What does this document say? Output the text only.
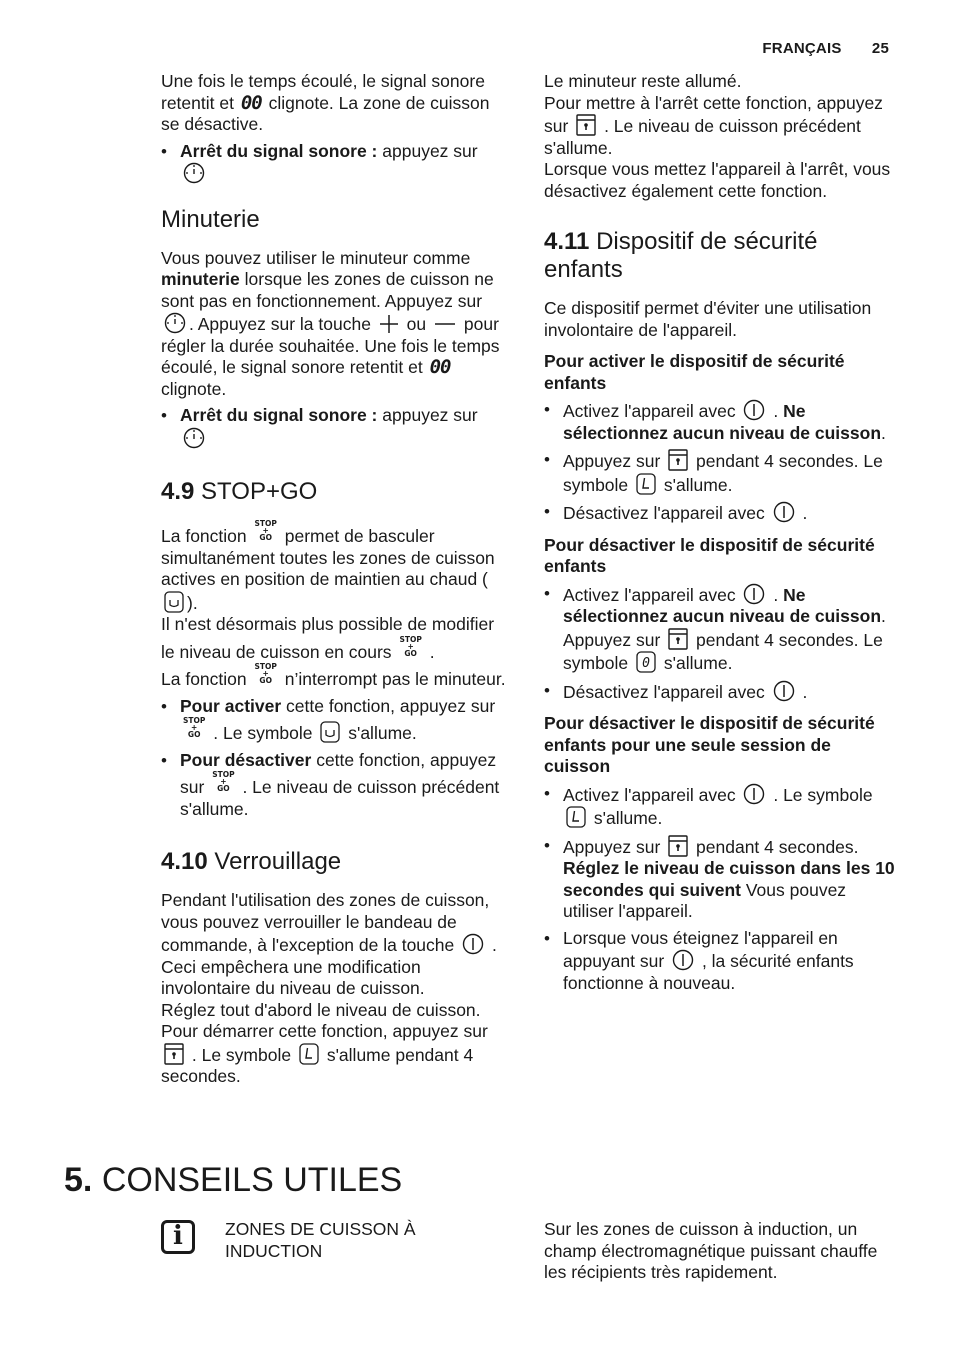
FRANÇAIS 25

Une fois le temps écoulé, le signal sonore retentit et 00 clignote. La zone de cuisson se désactive.

• Arrêt du signal sonore : appuyez sur

Minuterie

Vous pouvez utiliser le minuteur comme minuterie lorsque les zones de cuisson ne sont pas en fonctionnement. Appuyez sur
. Appuyez sur la touche ou pour régler la durée souhaitée. Une fois le temps écoulé, le signal sonore retentit et 00 clignote.

• Arrêt du signal sonore : appuyez sur

4.9 STOP+GO

La fonction STOP
+
GO permet de basculer simultanément toutes les zones de cuisson actives en position de maintien au chaud (
).

Il n'est désormais plus possible de modifier le niveau de cuisson en cours STOP
+
GO .

La fonction STOP
+
GO n’interrompt pas le minuteur.

• Pour activer cette fonction, appuyez sur STOP
+
GO . Le symbole s'allume.
• Pour désactiver cette fonction, appuyez sur STOP
+
GO . Le niveau de cuisson précédent s'allume.
4.10 Verrouillage

Pendant l'utilisation des zones de cuisson, vous pouvez verrouiller le bandeau de commande, à l'exception de la touche . Ceci empêchera une modification involontaire du niveau de cuisson.

Réglez tout d'abord le niveau de cuisson.

Pour démarrer cette fonction, appuyez sur
. Le symbole s'allume pendant 4 secondes.

Le minuteur reste allumé.

Pour mettre à l'arrêt cette fonction, appuyez sur . Le niveau de cuisson précédent s'allume.

Lorsque vous mettez l'appareil à l'arrêt, vous désactivez également cette fonction.

4.11 Dispositif de sécurité enfants

Ce dispositif permet d'éviter une utilisation involontaire de l'appareil.

Pour activer le dispositif de sécurité enfants

• Activez l'appareil avec . Ne sélectionnez aucun niveau de cuisson.
• Appuyez sur pendant 4 secondes. Le symbole s'allume.
• Désactivez l'appareil avec .

Pour désactiver le dispositif de sécurité enfants

• Activez l'appareil avec . Ne sélectionnez aucun niveau de cuisson. Appuyez sur pendant 4 secondes. Le symbole 0 s'allume.
• Désactivez l'appareil avec .

Pour désactiver le dispositif de sécurité enfants pour une seule session de cuisson

• Activez l'appareil avec . Le symbole
s'allume.
• Appuyez sur pendant 4 secondes. Réglez le niveau de cuisson dans les 10 secondes qui suivent Vous pouvez utiliser l'appareil.
• Lorsque vous éteignez l'appareil en appuyant sur , la sécurité enfants fonctionne à nouveau.
5. CONSEILS UTILES
i	ZONES DE CUISSON À INDUCTION
Sur les zones de cuisson à induction, un champ électromagnétique puissant chauffe les récipients très rapidement.
